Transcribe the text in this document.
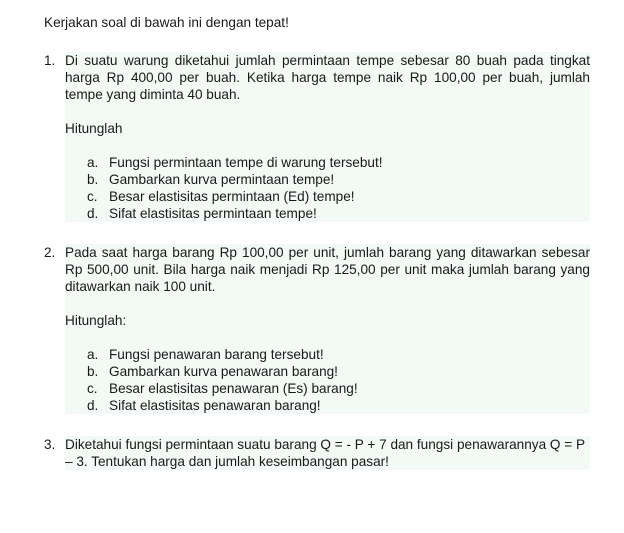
Kerjakan soal di bawah ini dengan tepat!
1. Di suatu warung diketahui jumlah permintaan tempe sebesar 80 buah pada tingkat harga Rp 400,00 per buah. Ketika harga tempe naik Rp 100,00 per buah, jumlah tempe yang diminta 40 buah.
Hitunglah
a. Fungsi permintaan tempe di warung tersebut!
b. Gambarkan kurva permintaan tempe!
c. Besar elastisitas permintaan (Ed) tempe!
d. Sifat elastisitas permintaan tempe!
2. Pada saat harga barang Rp 100,00 per unit, jumlah barang yang ditawarkan sebesar Rp 500,00 unit. Bila harga naik menjadi Rp 125,00 per unit maka jumlah barang yang ditawarkan naik 100 unit.
Hitunglah:
a. Fungsi penawaran barang tersebut!
b. Gambarkan kurva penawaran barang!
c. Besar elastisitas penawaran (Es) barang!
d. Sifat elastisitas penawaran barang!
3. Diketahui fungsi permintaan suatu barang Q = - P + 7 dan fungsi penawarannya Q = P – 3. Tentukan harga dan jumlah keseimbangan pasar!
